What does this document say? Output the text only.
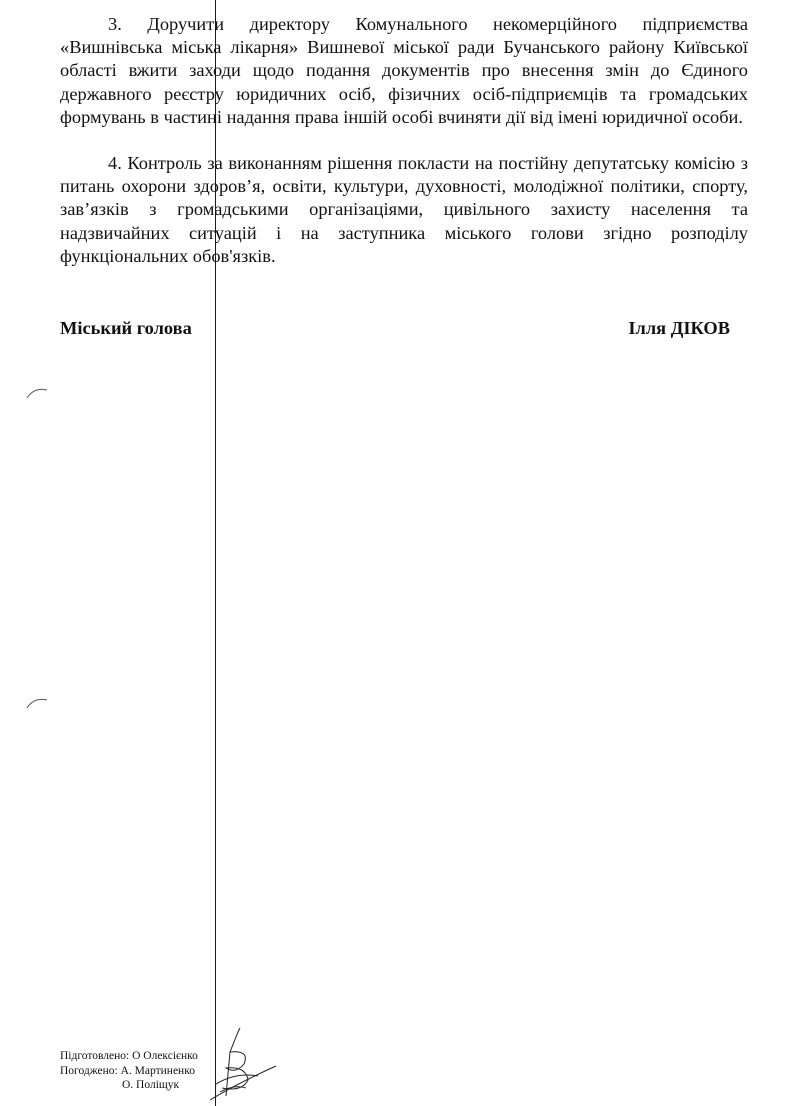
3. Доручити директору Комунального некомерційного підприємства «Вишнівська міська лікарня» Вишневої міської ради Бучанського району Київської області вжити заходи щодо подання документів про внесення змін до Єдиного державного реєстру юридичних осіб, фізичних осіб-підприємців та громадських формувань в частині надання права іншій особі вчиняти дії від імені юридичної особи.

4. Контроль за виконанням рішення покласти на постійну депутатську комісію з питань охорони здоров’я, освіти, культури, духовності, молодіжної політики, спорту, зав’язків з громадськими організаціями, цивільного захисту населення та надзвичайних ситуацій і на заступника міського голови згідно розподілу функціональних обов'язків.

Міський голова	Ілля ДІКОВ
Підготовлено: О Олексієнко
Погоджено: А. Мартиненко
О. Поліщук
